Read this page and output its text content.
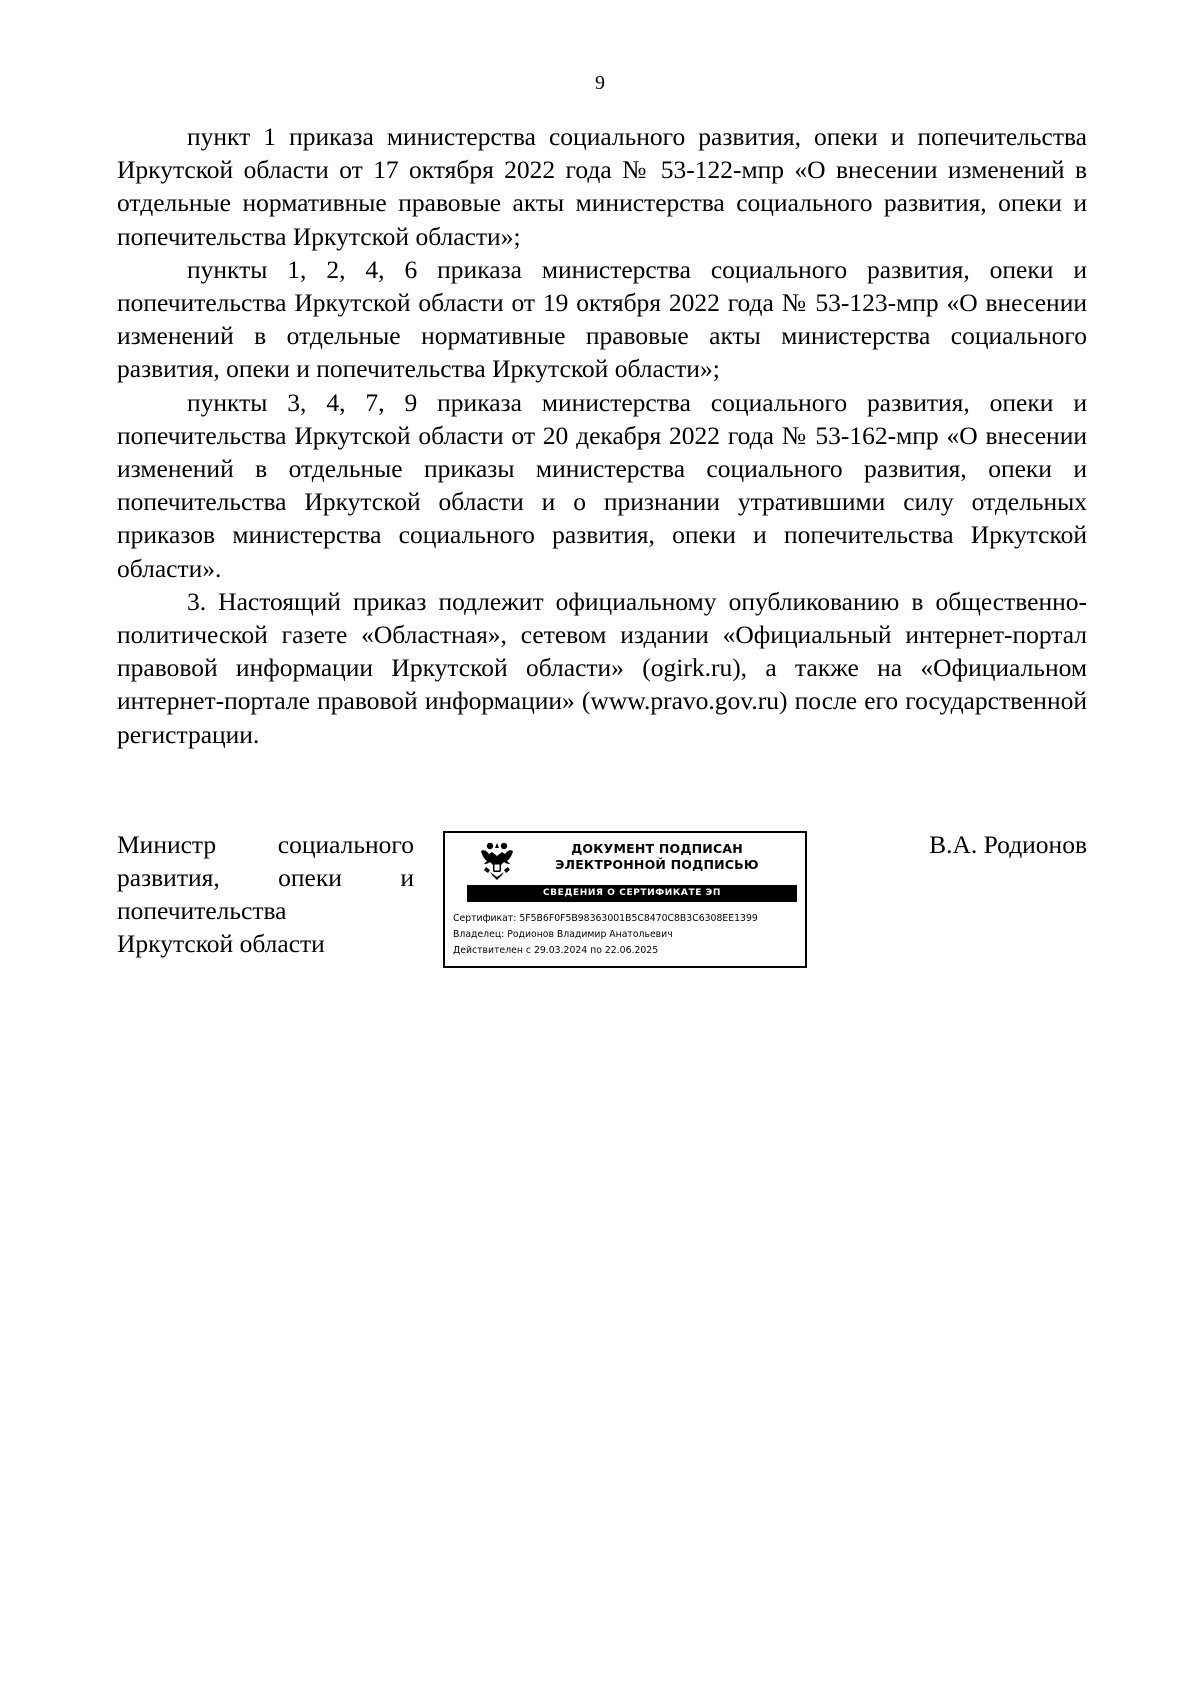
9

пункт 1 приказа министерства социального развития, опеки и попечительства Иркутской области от 17 октября 2022 года № 53-122-мпр «О внесении изменений в отдельные нормативные правовые акты министерства социального развития, опеки и попечительства Иркутской области»;

пункты 1, 2, 4, 6 приказа министерства социального развития, опеки и попечительства Иркутской области от 19 октября 2022 года № 53-123-мпр «О внесении изменений в отдельные нормативные правовые акты министерства социального развития, опеки и попечительства Иркутской области»;

пункты 3, 4, 7, 9 приказа министерства социального развития, опеки и попечительства Иркутской области от 20 декабря 2022 года № 53-162-мпр «О внесении изменений в отдельные приказы министерства социального развития, опеки и попечительства Иркутской области и о признании утратившими силу отдельных приказов министерства социального развития, опеки и попечительства Иркутской области».

3. Настоящий приказ подлежит официальному опубликованию в общественно-политической газете «Областная», сетевом издании «Официальный интернет-портал правовой информации Иркутской области» (ogirk.ru), а также на «Официальном интернет-портале правовой информации» (www.pravo.gov.ru) после его государственной регистрации.

Министр социального
развития, опеки и
попечительства
Иркутской области
ДОКУМЕНТ ПОДПИСАН
ЭЛЕКТРОННОЙ ПОДПИСЬЮ
СВЕДЕНИЯ О СЕРТИФИКАТЕ ЭП
Сертификат: 5F5B6F0F5B98363001B5C8470C8B3C6308EE1399
Владелец: Родионов Владимир Анатольевич
Действителен с 29.03.2024 по 22.06.2025
В.А. Родионов
